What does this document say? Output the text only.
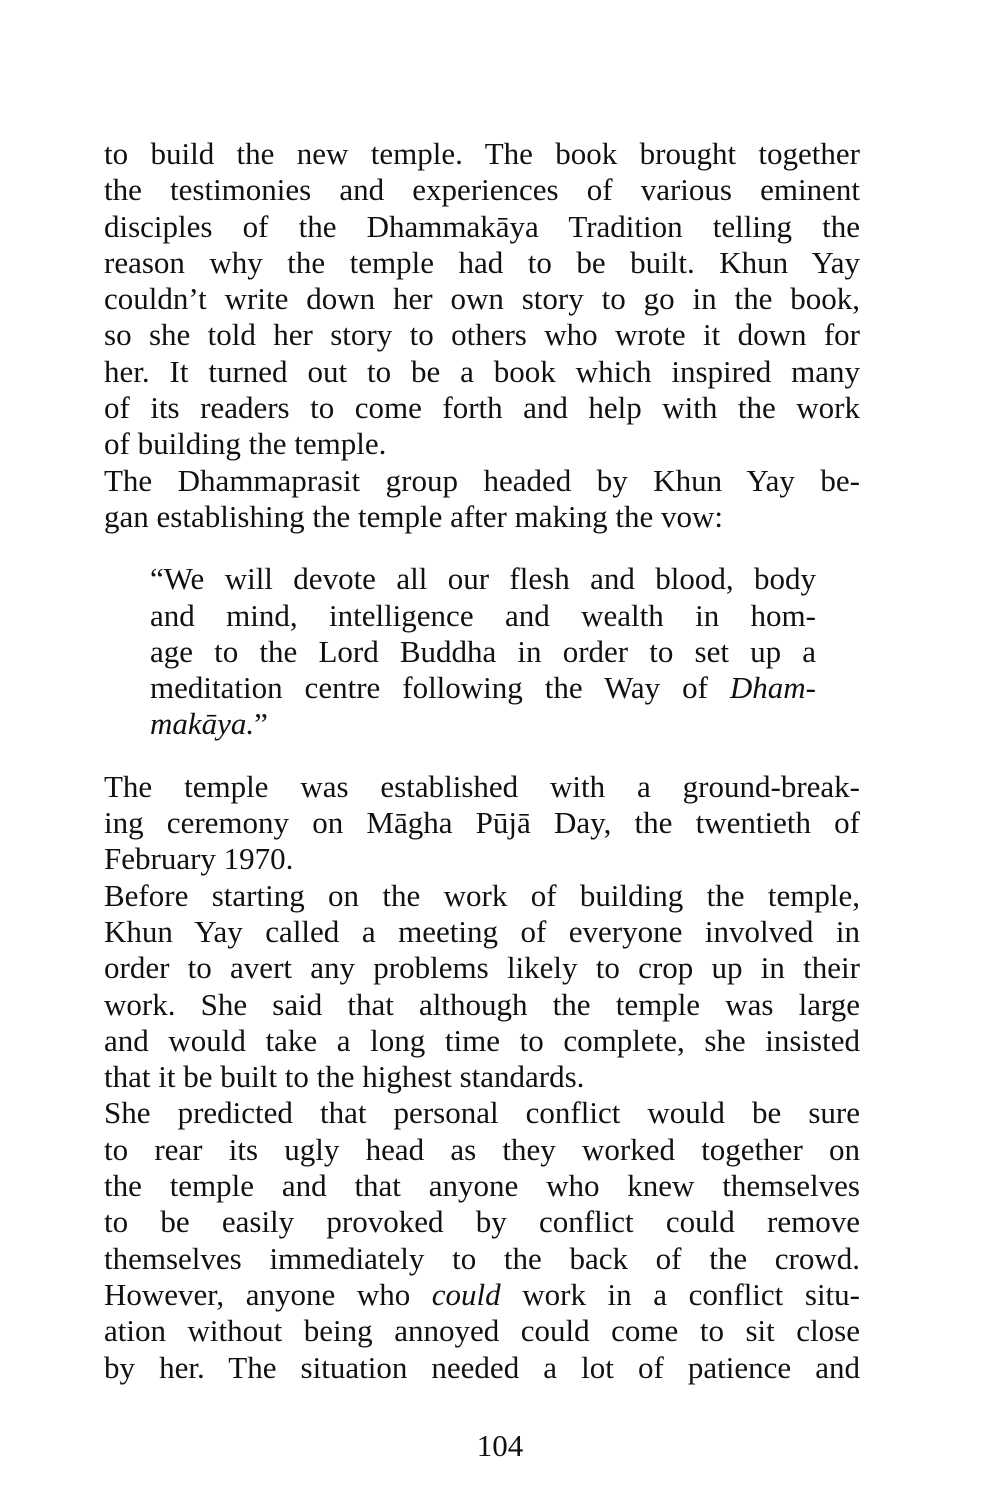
to build the new temple. The book brought together
the testimonies and experiences of various eminent
disciples of the Dhammakāya Tradition telling the
reason why the temple had to be built. Khun Yay
couldn’t write down her own story to go in the book,
so she told her story to others who wrote it down for
her. It turned out to be a book which inspired many
of its readers to come forth and help with the work
of building the temple.
The Dhammaprasit group headed by Khun Yay be-
gan establishing the temple after making the vow:
“We will devote all our flesh and blood, body
and mind, intelligence and wealth in hom-
age to the Lord Buddha in order to set up a
meditation centre following the Way of Dham-
makāya.”
The temple was established with a ground-break-
ing ceremony on Māgha Pūjā Day, the twentieth of
February 1970.
Before starting on the work of building the temple,
Khun Yay called a meeting of everyone involved in
order to avert any problems likely to crop up in their
work. She said that although the temple was large
and would take a long time to complete, she insisted
that it be built to the highest standards.
She predicted that personal conflict would be sure
to rear its ugly head as they worked together on
the temple and that anyone who knew themselves
to be easily provoked by conflict could remove
themselves immediately to the back of the crowd.
However, anyone who could work in a conflict situ-
ation without being annoyed could come to sit close
by her. The situation needed a lot of patience and
104
